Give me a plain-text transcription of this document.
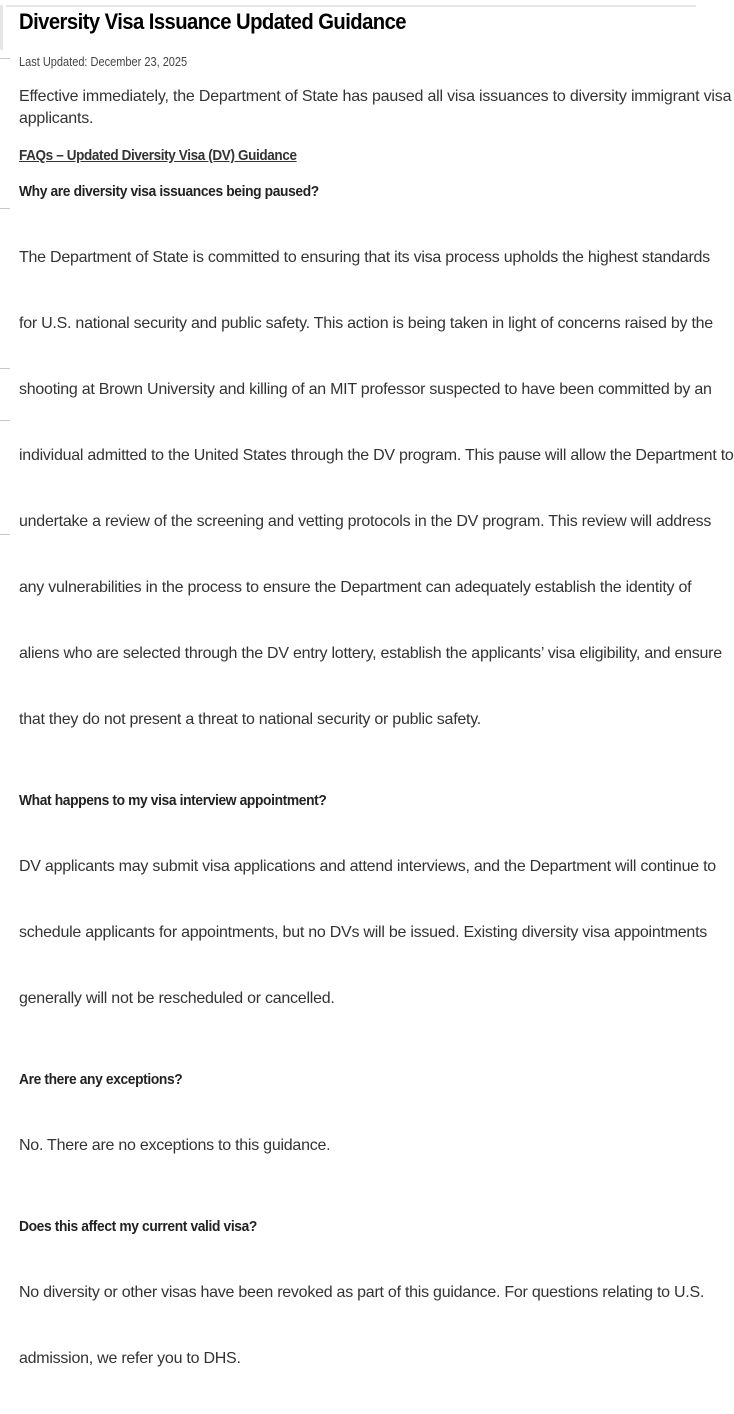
Diversity Visa Issuance Updated Guidance
Last Updated: December 23, 2025

Effective immediately, the Department of State has paused all visa issuances to diversity immigrant visa
applicants.

FAQs – Updated Diversity Visa (DV) Guidance
Why are diversity visa issuances being paused?

The Department of State is committed to ensuring that its visa process upholds the highest standards

for U.S. national security and public safety. This action is being taken in light of concerns raised by the

shooting at Brown University and killing of an MIT professor suspected to have been committed by an

individual admitted to the United States through the DV program. This pause will allow the Department to

undertake a review of the screening and vetting protocols in the DV program. This review will address

any vulnerabilities in the process to ensure the Department can adequately establish the identity of

aliens who are selected through the DV entry lottery, establish the applicants’ visa eligibility, and ensure

that they do not present a threat to national security or public safety.

What happens to my visa interview appointment?

DV applicants may submit visa applications and attend interviews, and the Department will continue to

schedule applicants for appointments, but no DVs will be issued. Existing diversity visa appointments

generally will not be rescheduled or cancelled.

Are there any exceptions?

No. There are no exceptions to this guidance.

Does this affect my current valid visa?

No diversity or other visas have been revoked as part of this guidance. For questions relating to U.S.

admission, we refer you to DHS.
